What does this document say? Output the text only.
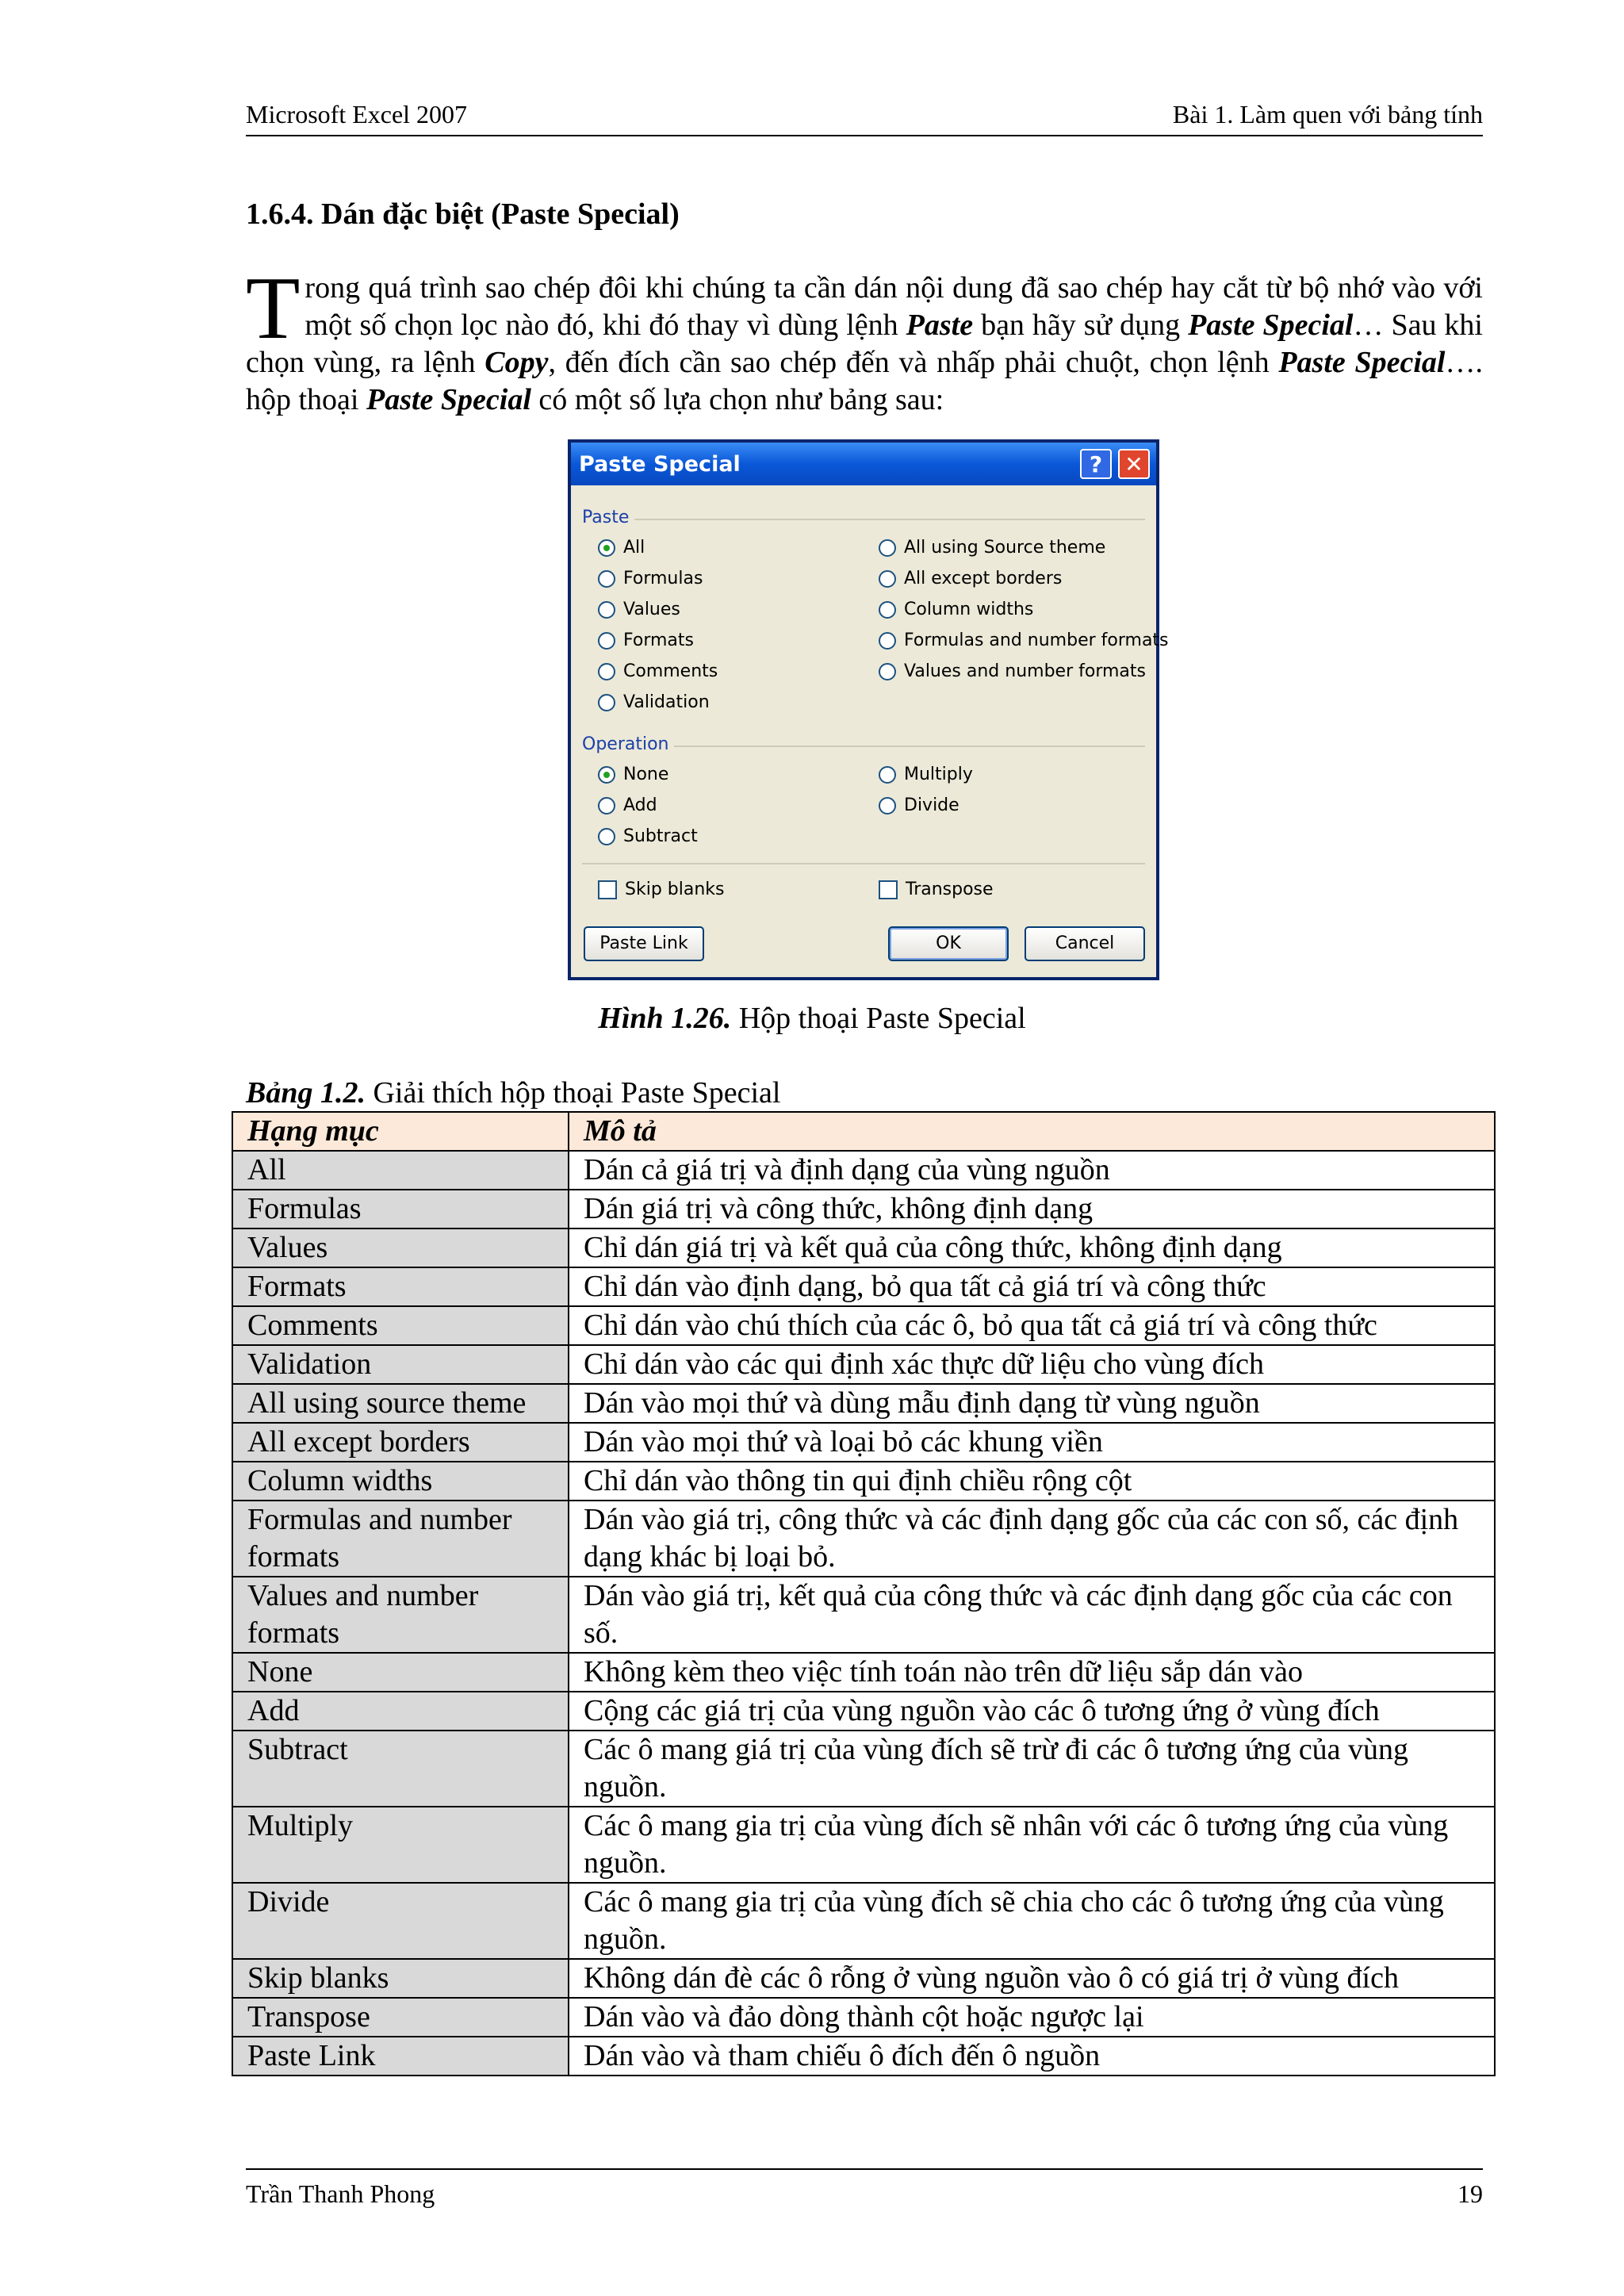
Microsoft Excel 2007	Bài 1. Làm quen với bảng tính
1.6.4. Dán đặc biệt (Paste Special)
Trong quá trình sao chép đôi khi chúng ta cần dán nội dung đã sao chép hay cắt từ bộ nhớ vào với một số chọn lọc nào đó, khi đó thay vì dùng lệnh Paste bạn hãy sử dụng Paste Special… Sau khi chọn vùng, ra lệnh Copy, đến đích cần sao chép đến và nhấp phải chuột, chọn lệnh Paste Special…. hộp thoại Paste Special có một số lựa chọn như bảng sau:
Paste Special	?	✕
Paste
All
Formulas
Values
Formats
Comments
Validation
All using Source theme
All except borders
Column widths
Formulas and number formats
Values and number formats
Operation
None
Add
Subtract
Multiply
Divide
Skip blanks	Transpose
Paste Link	OK	Cancel
Hình 1.26. Hộp thoại Paste Special
Bảng 1.2. Giải thích hộp thoại Paste Special
Hạng mục	Mô tả
All	Dán cả giá trị và định dạng của vùng nguồn
Formulas	Dán giá trị và công thức, không định dạng
Values	Chỉ dán giá trị và kết quả của công thức, không định dạng
Formats	Chỉ dán vào định dạng, bỏ qua tất cả giá trí và công thức
Comments	Chỉ dán vào chú thích của các ô, bỏ qua tất cả giá trí và công thức
Validation	Chỉ dán vào các qui định xác thực dữ liệu cho vùng đích
All using source theme	Dán vào mọi thứ và dùng mẫu định dạng từ vùng nguồn
All except borders	Dán vào mọi thứ và loại bỏ các khung viền
Column widths	Chỉ dán vào thông tin qui định chiều rộng cột
Formulas and number formats	Dán vào giá trị, công thức và các định dạng gốc của các con số, các định dạng khác bị loại bỏ.
Values and number formats	Dán vào giá trị, kết quả của công thức và các định dạng gốc của các con số.
None	Không kèm theo việc tính toán nào trên dữ liệu sắp dán vào
Add	Cộng các giá trị của vùng nguồn vào các ô tương ứng ở vùng đích
Subtract	Các ô mang giá trị của vùng đích sẽ trừ đi các ô tương ứng của vùng nguồn.
Multiply	Các ô mang gia trị của vùng đích sẽ nhân với các ô tương ứng của vùng nguồn.
Divide	Các ô mang gia trị của vùng đích sẽ chia cho các ô tương ứng của vùng nguồn.
Skip blanks	Không dán đè các ô rỗng ở vùng nguồn vào ô có giá trị ở vùng đích
Transpose	Dán vào và đảo dòng thành cột hoặc ngược lại
Paste Link	Dán vào và tham chiếu ô đích đến ô nguồn
Trần Thanh Phong	19
